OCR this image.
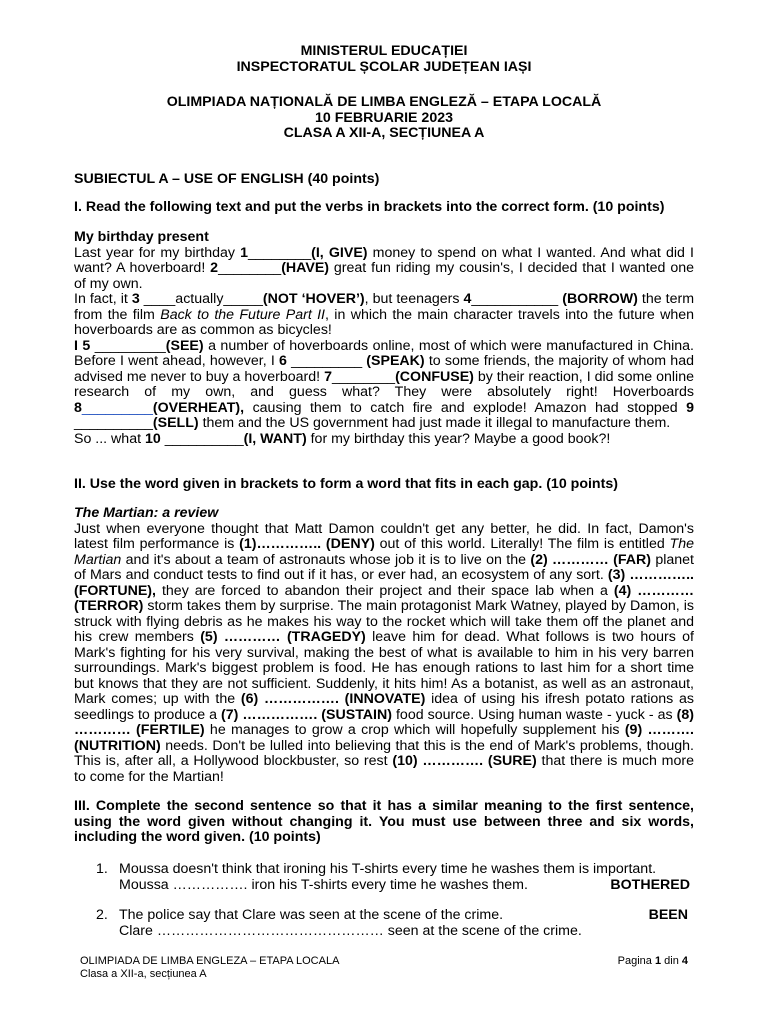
MINISTERUL EDUCAȚIEI

INSPECTORATUL ȘCOLAR JUDEȚEAN IAȘI

OLIMPIADA NAȚIONALĂ DE LIMBA ENGLEZĂ – ETAPA LOCALĂ

10 FEBRUARIE 2023

CLASA A XII-A, SECȚIUNEA A

SUBIECTUL A – USE OF ENGLISH (40 points)

I. Read the following text and put the verbs in brackets into the correct form. (10 points)

My birthday present

Last year for my birthday 1________(I, GIVE) money to spend on what I wanted. And what did I want? A hoverboard! 2________(HAVE) great fun riding my cousin's, I decided that I wanted one of my own.

In fact, it 3 ____actually_____(NOT ‘HOVER’), but teenagers 4___________ (BORROW) the term from the film Back to the Future Part II, in which the main character travels into the future when hoverboards are as common as bicycles!

I 5 _________(SEE) a number of hoverboards online, most of which were manufactured in China. Before I went ahead, however, I 6 _________ (SPEAK) to some friends, the majority of whom had advised me never to buy a hoverboard! 7________(CONFUSE) by their reaction, I did some online research of my own, and guess what? They were absolutely right! Hoverboards 8_________(OVERHEAT), causing them to catch fire and explode! Amazon had stopped 9 __________(SELL) them and the US government had just made it illegal to manufacture them.

So ... what 10 __________(I, WANT) for my birthday this year? Maybe a good book?!

II. Use the word given in brackets to form a word that fits in each gap. (10 points)

The Martian: a review

Just when everyone thought that Matt Damon couldn't get any better, he did. In fact, Damon's latest film performance is (1)………….. (DENY) out of this world. Literally! The film is entitled The Martian and it's about a team of astronauts whose job it is to live on the (2) ………… (FAR) planet of Mars and conduct tests to find out if it has, or ever had, an ecosystem of any sort. (3) ………….. (FORTUNE), they are forced to abandon their project and their space lab when a (4) ………… (TERROR) storm takes them by surprise. The main protagonist Mark Watney, played by Damon, is struck with flying debris as he makes his way to the rocket which will take them off the planet and his crew members (5) ………… (TRAGEDY) leave him for dead. What follows is two hours of Mark's fighting for his very survival, making the best of what is available to him in his very barren surroundings. Mark's biggest problem is food. He has enough rations to last him for a short time but knows that they are not sufficient. Suddenly, it hits him! As a botanist, as well as an astronaut, Mark comes; up with the (6) ……………. (INNOVATE) idea of using his ifresh potato rations as seedlings to produce a (7) ……………. (SUSTAIN) food source. Using human waste - yuck - as (8) ………… (FERTILE) he manages to grow a crop which will hopefully supplement his (9) ………. (NUTRITION) needs. Don't be lulled into believing that this is the end of Mark's problems, though. This is, after all, a Hollywood blockbuster, so rest (10) …………. (SURE) that there is much more to come for the Martian!

III. Complete the second sentence so that it has a similar meaning to the first sentence, using the word given without changing it. You must use between three and six words, including the word given. (10 points)

1. Moussa doesn't think that ironing his T-shirts every time he washes them is important.

Moussa ……………. iron his T-shirts every time he washes them.	BOTHERED

2. The police say that Clare was seen at the scene of the crime.	BEEN

Clare ………………………………………… seen at the scene of the crime.

OLIMPIADA DE LIMBA ENGLEZA – ETAPA LOCALA

Clasa a XII-a, secțiunea A

Pagina 1 din 4
